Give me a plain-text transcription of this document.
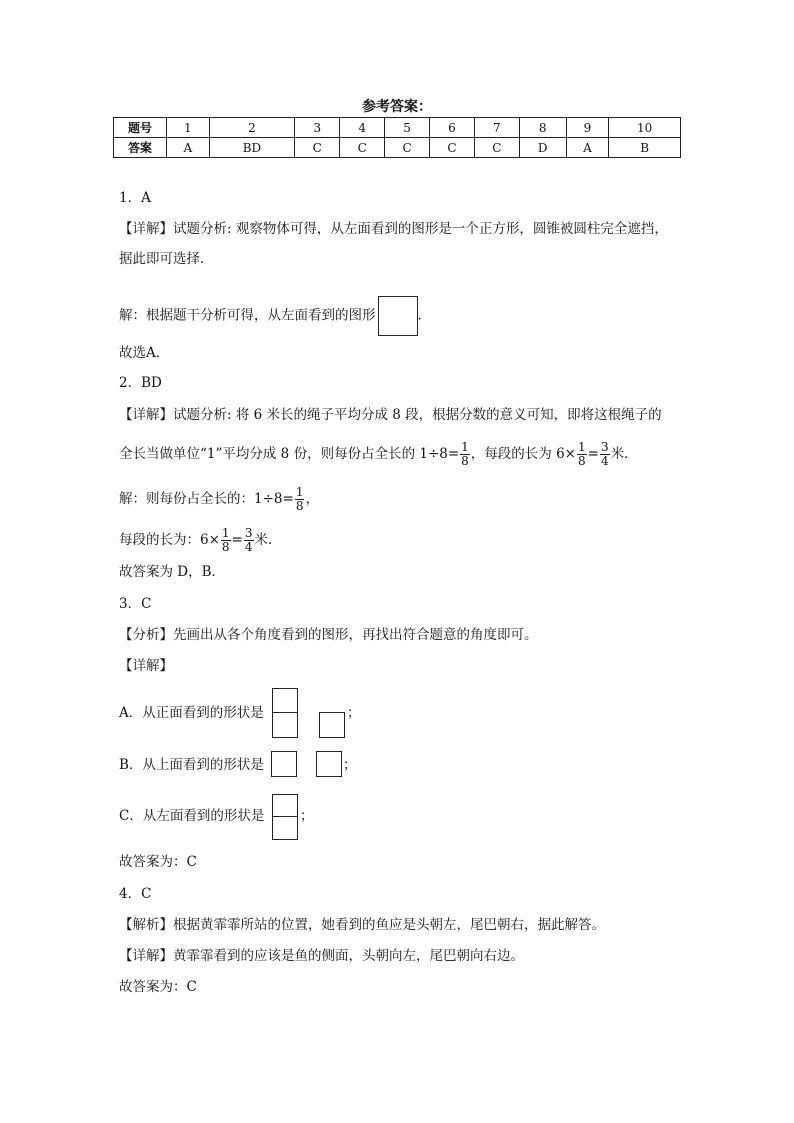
参考答案：
题号	1	2	3	4	5	6	7	8	9	10
答案	A	BD	C	C	C	C	C	D	A	B
1．A
【详解】试题分析: 观察物体可得，从左面看到的图形是一个正方形，圆锥被圆柱完全遮挡，
据此即可选择．
解：根据题干分析可得，从左面看到的图形	．
故选A．
2．BD
【详解】试题分析: 将 6 米长的绳子平均分成 8 段，根据分数的意义可知，即将这根绳子的
全长当做单位“1”平均分成 8 份，则每份占全长的 $1\div 8= \frac{1}{8}$ ，每段的长为 $6\times \frac{1}{8} = \frac{3}{4}$ 米．
解：则每份占全长的：$1\div 8= \frac{1}{8}$ ，
每段的长为：$6\times \frac{1}{8} = \frac{3}{4}$ 米．
故答案为 D，B．
3．C
【分析】先画出从各个角度看到的图形，再找出符合题意的角度即可。
【详解】
A．从正面看到的形状是	；
B．从上面看到的形状是	；
C．从左面看到的形状是	；
故答案为：C
4．C
【解析】根据黄霏霏所站的位置，她看到的鱼应是头朝左，尾巴朝右，据此解答。
【详解】黄霏霏看到的应该是鱼的侧面，头朝向左，尾巴朝向右边。
故答案为：C
